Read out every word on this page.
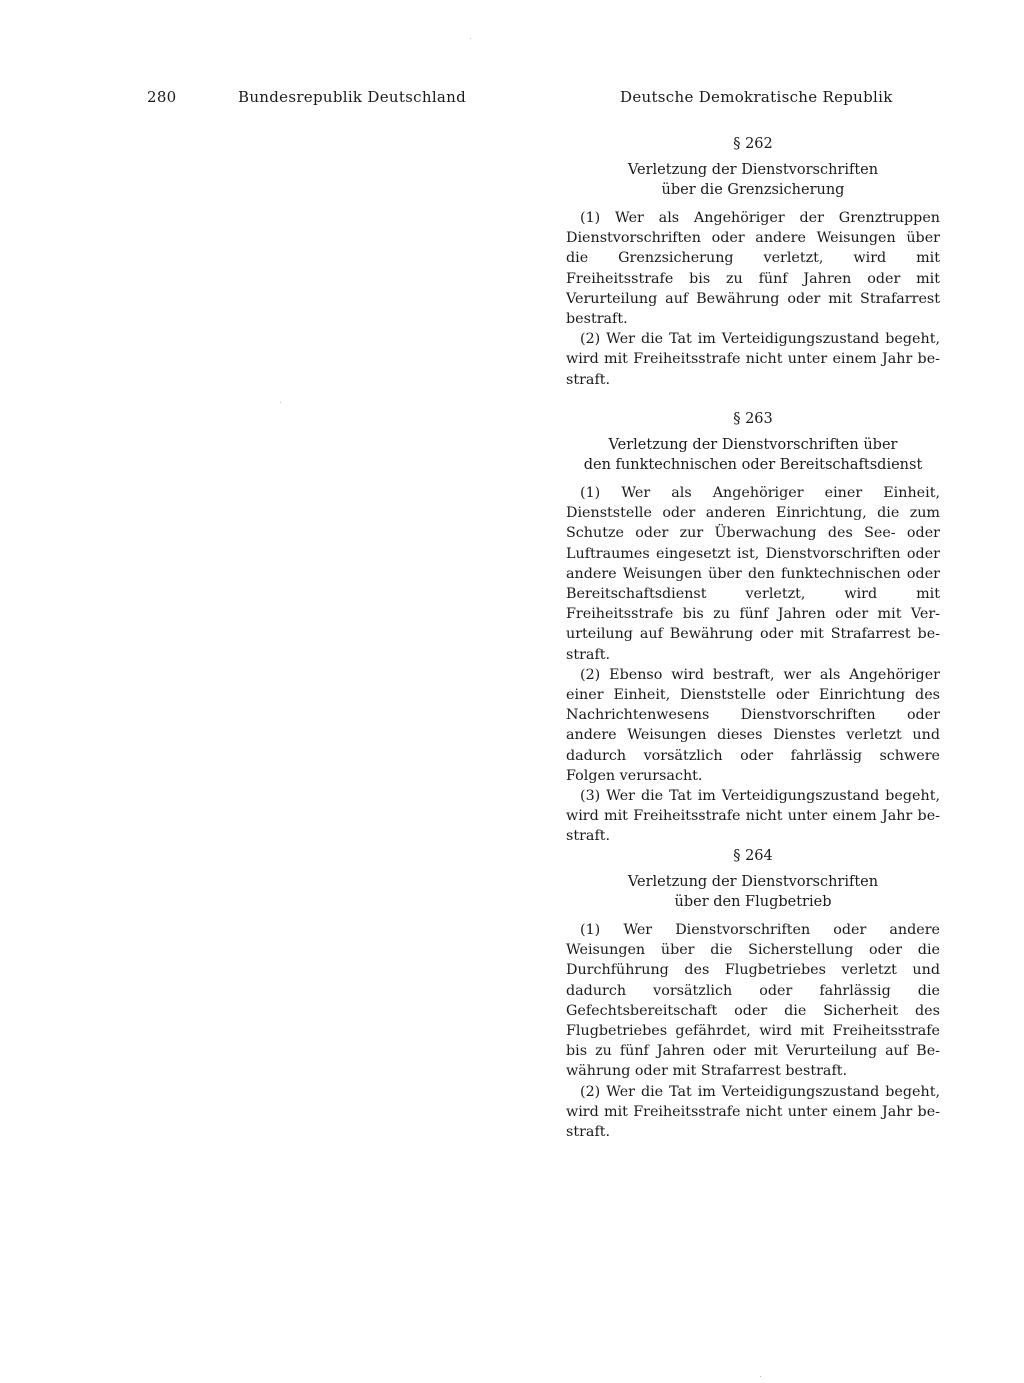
280	Bundesrepublik Deutschland	Deutsche Demokratische Republik
§ 262
Verletzung der Dienstvorschriften
über die Grenzsicherung

(1) Wer als Angehöriger der Grenztruppen Dienstvorschriften oder andere Weisungen über die Grenzsicherung verletzt, wird mit Freiheitsstrafe bis zu fünf Jahren oder mit Verurteilung auf Bewährung oder mit Strafarrest bestraft.

(2) Wer die Tat im Verteidigungszustand begeht, wird mit Freiheitsstrafe nicht unter einem Jahr bestraft.

§ 263
Verletzung der Dienstvorschriften über
den funktechnischen oder Bereitschaftsdienst

(1) Wer als Angehöriger einer Einheit, Dienststelle oder anderen Einrichtung, die zum Schutze oder zur Überwachung des See- oder Luftraumes eingesetzt ist, Dienstvorschriften oder andere Weisungen über den funktechnischen oder Bereitschaftsdienst verletzt, wird mit Freiheitsstrafe bis zu fünf Jahren oder mit Verurteilung auf Bewährung oder mit Strafarrest bestraft.

(2) Ebenso wird bestraft, wer als Angehöriger einer Einheit, Dienststelle oder Einrichtung des Nachrichtenwesens Dienstvorschriften oder andere Weisungen dieses Dienstes verletzt und dadurch vorsätzlich oder fahrlässig schwere Folgen verursacht.

(3) Wer die Tat im Verteidigungszustand begeht, wird mit Freiheitsstrafe nicht unter einem Jahr bestraft.

§ 264
Verletzung der Dienstvorschriften
über den Flugbetrieb

(1) Wer Dienstvorschriften oder andere Weisungen über die Sicherstellung oder die Durchführung des Flugbetriebes verletzt und dadurch vorsätzlich oder fahrlässig die Gefechtsbereitschaft oder die Sicherheit des Flugbetriebes gefährdet, wird mit Freiheitsstrafe bis zu fünf Jahren oder mit Verurteilung auf Bewährung oder mit Strafarrest bestraft.

(2) Wer die Tat im Verteidigungszustand begeht, wird mit Freiheitsstrafe nicht unter einem Jahr bestraft.
